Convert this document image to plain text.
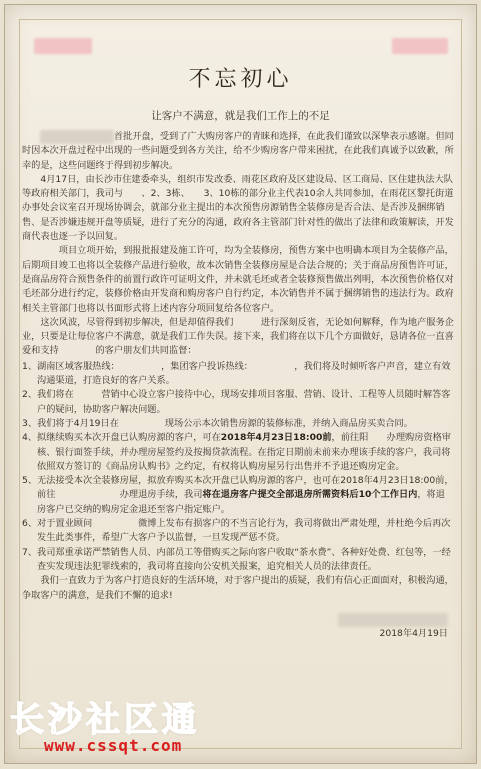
不忘初心
让客户不满意，就是我们工作上的不足

首批开盘，受到了广大购房客户的青睐和选择，在此我们谨致以深挚表示感谢。但同时因本次开盘过程中出现的一些问题受到各方关注，给不少购房客户带来困扰，在此我们真诚予以致歉，所幸的是，这些问题终于得到初步解决。

4月17日，由长沙市住建委牵头，组织市发改委、雨花区政府及区建设局、区工商局、区住建执法大队等政府相关部门，我司与　　、2、3栋、　　3、10栋的部分业主代表10余人共同参加，在雨花区黎托街道办事处会议室召开现场协调会，就部分业主提出的本次预售房源销售全装修房是否合法、是否涉及捆绑销售、是否涉嫌违规开盘等质疑，进行了充分的沟通，政府各主管部门针对性的做出了法律和政策解读，开发商代表也逐一予以回复。

　　项目立项开始，到报批报建及施工许可，均为全装修房，预售方案中也明确本项目为全装修产品，后期项目竣工也将以全装修产品进行验收，故本次销售全装修房屋是合法合规的；关于商品房预售许可证，是商品房符合预售条件的前置行政许可证明文件，并未就毛坯或者全装修预售做出列明，本次预售价格仅对毛坯部分进行约定，装修价格由开发商和购房客户自行约定，本次销售并不属于捆绑销售的违法行为。政府相关主管部门也将以书面形式将上述内容分项回复给各位客户。

这次风波，尽管得到初步解决，但是却值得我们　　　进行深刻反省，无论如何解释，作为地产服务企业，只要是让每位客户不满意，就是我们工作失误。接下来，我们将在以下几个方面做好，恳请各位一直喜爱和支持　　　　的客户朋友们共同监督：

1、 湖南区域客服热线：　　　　　，集团客户投诉热线：　　　　　，我们将及时倾听客户声音，建立有效沟通渠道，打造良好的客户关系。
2、 我们将在　　　营销中心设立客户接待中心，现场安排项目客服、营销、设计、工程等人员随时解答客户的疑问，协助客户解决问题。
3、 我们将于4月19日在　　　　　现场公示本次销售房源的装修标准，并纳入商品房买卖合同。
4、 拟继续购买本次开盘已认购房源的客户，可在2018年4月23日18:00前，前往阳　　办理购房资格审核、银行面签手续，并办理房屋签约及按揭贷款流程。在指定日期前未前来办理该手续的客户，我司将依照双方签订的《商品房认购书》之约定，有权将认购房屋另行出售并不予退还购房定金。
5、 无法接受本次全装修房屋，拟放弃购买本次开盘已认购房源的客户，也可在2018年4月23日18:00前，前往　　　　　　　办理退房手续，我司将在退房客户提交全部退房所需资料后10个工作日内，将退房客户已交纳的购房定金退还至客户指定账户。
6、 对于置业顾问　　　　　微博上发布有损客户的不当言论行为，我司将做出严肃处理，并杜绝今后再次发生此类事件，希望广大客户予以监督，一旦发现严惩不贷。
7、 我司郑重承诺严禁销售人员、内部员工等借购买之际向客户收取“茶水费”、各种好处费、红包等，一经查实发现违法犯罪线索的，我司将直接向公安机关报案，追究相关人员的法律责任。

我们一直致力于为客户打造良好的生活环境，对于客户提出的质疑，我们有信心正面面对，积极沟通，争取客户的满意，是我们不懈的追求!

2018年4月19日
长沙社区通
www.cssqt.com
